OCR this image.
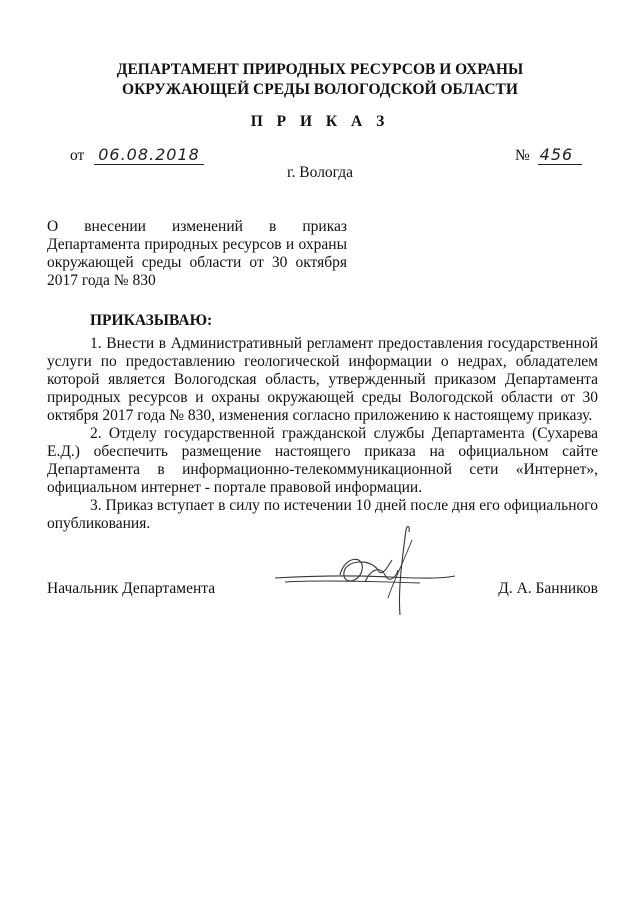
ДЕПАРТАМЕНТ ПРИРОДНЫХ РЕСУРСОВ И ОХРАНЫ
ОКРУЖАЮЩЕЙ СРЕДЫ ВОЛОГОДСКОЙ ОБЛАСТИ
П Р И К А З
от 06.08.2018	№ 456
г. Вологда
О внесении изменений в приказ Департамента природных ресурсов и охраны окружающей среды области от 30 октября 2017 года № 830
ПРИКАЗЫВАЮ:

1. Внести в Административный регламент предоставления государственной услуги по предоставлению геологической информации о недрах, обладателем которой является Вологодская область, утвержденный приказом Департамента природных ресурсов и охраны окружающей среды Вологодской области от 30 октября 2017 года № 830, изменения согласно приложению к настоящему приказу.

2. Отделу государственной гражданской службы Департамента (Сухарева Е.Д.) обеспечить размещение настоящего приказа на официальном сайте Департамента в информационно-телекоммуникационной сети «Интернет», официальном интернет - портале правовой информации.

3. Приказ вступает в силу по истечении 10 дней после дня его официального опубликования.

Начальник Департамента	Д. А. Банников
